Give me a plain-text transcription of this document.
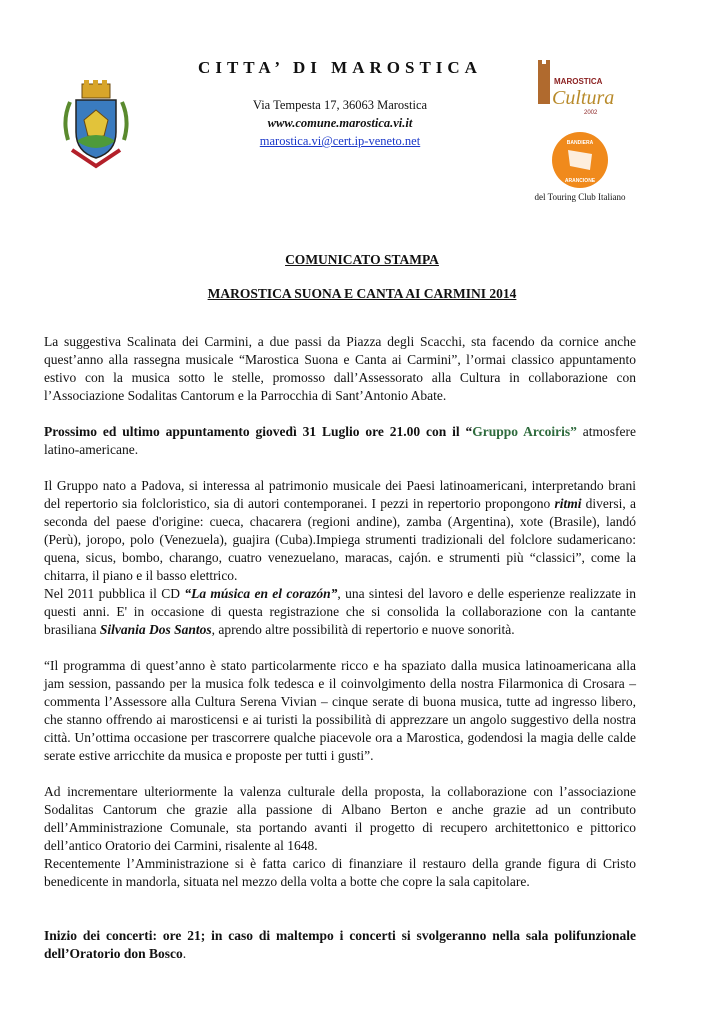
CITTA’ DI MAROSTICA
Via Tempesta 17, 36063 Marostica
www.comune.marostica.vi.it
marostica.vi@cert.ip-veneto.net
MAROSTICA
Cultura
2002
BANDIERA
ARANCIONE
del Touring Club Italiano
COMUNICATO STAMPA
MAROSTICA SUONA E CANTA AI CARMINI 2014

La suggestiva Scalinata dei Carmini, a due passi da Piazza degli Scacchi, sta facendo da cornice anche quest’anno alla rassegna musicale “Marostica Suona e Canta ai Carmini”, l’ormai classico appuntamento estivo con la musica sotto le stelle, promosso dall’Assessorato alla Cultura in collaborazione con l’Associazione Sodalitas Cantorum e la Parrocchia di Sant’Antonio Abate.

Prossimo ed ultimo appuntamento giovedì 31 Luglio ore 21.00 con il “Gruppo Arcoiris” atmosfere latino-americane.

Il Gruppo nato a Padova, si interessa al patrimonio musicale dei Paesi latinoamericani, interpretando brani del repertorio sia folcloristico, sia di autori contemporanei. I pezzi in repertorio propongono ritmi diversi, a seconda del paese d'origine: cueca, chacarera (regioni andine), zamba (Argentina), xote (Brasile), landó (Perù), joropo, polo (Venezuela), guajira (Cuba).Impiega strumenti tradizionali del folclore sudamericano: quena, sicus, bombo, charango, cuatro venezuelano, maracas, cajón. e strumenti più “classici”, come la chitarra, il piano e il basso elettrico.

Nel 2011 pubblica il CD “La música en el corazón”, una sintesi del lavoro e delle esperienze realizzate in questi anni. E' in occasione di questa registrazione che si consolida la collaborazione con la cantante brasiliana Silvania Dos Santos, aprendo altre possibilità di repertorio e nuove sonorità.

“Il programma di quest’anno è stato particolarmente ricco e ha spaziato dalla musica latinoamericana alla jam session, passando per la musica folk tedesca e il coinvolgimento della nostra Filarmonica di Crosara – commenta l’Assessore alla Cultura Serena Vivian – cinque serate di buona musica, tutte ad ingresso libero, che stanno offrendo ai marosticensi e ai turisti la possibilità di apprezzare un angolo suggestivo della nostra città. Un’ottima occasione per trascorrere qualche piacevole ora a Marostica, godendosi la magia delle calde serate estive arricchite da musica e proposte per tutti i gusti”.

Ad incrementare ulteriormente la valenza culturale della proposta, la collaborazione con l’associazione Sodalitas Cantorum che grazie alla passione di Albano Berton e anche grazie ad un contributo dell’Amministrazione Comunale, sta portando avanti il progetto di recupero architettonico e pittorico dell’antico Oratorio dei Carmini, risalente al 1648.

Recentemente l’Amministrazione si è fatta carico di finanziare il restauro della grande figura di Cristo benedicente in mandorla, situata nel mezzo della volta a botte che copre la sala capitolare.

Inizio dei concerti: ore 21; in caso di maltempo i concerti si svolgeranno nella sala polifunzionale dell’Oratorio don Bosco.
